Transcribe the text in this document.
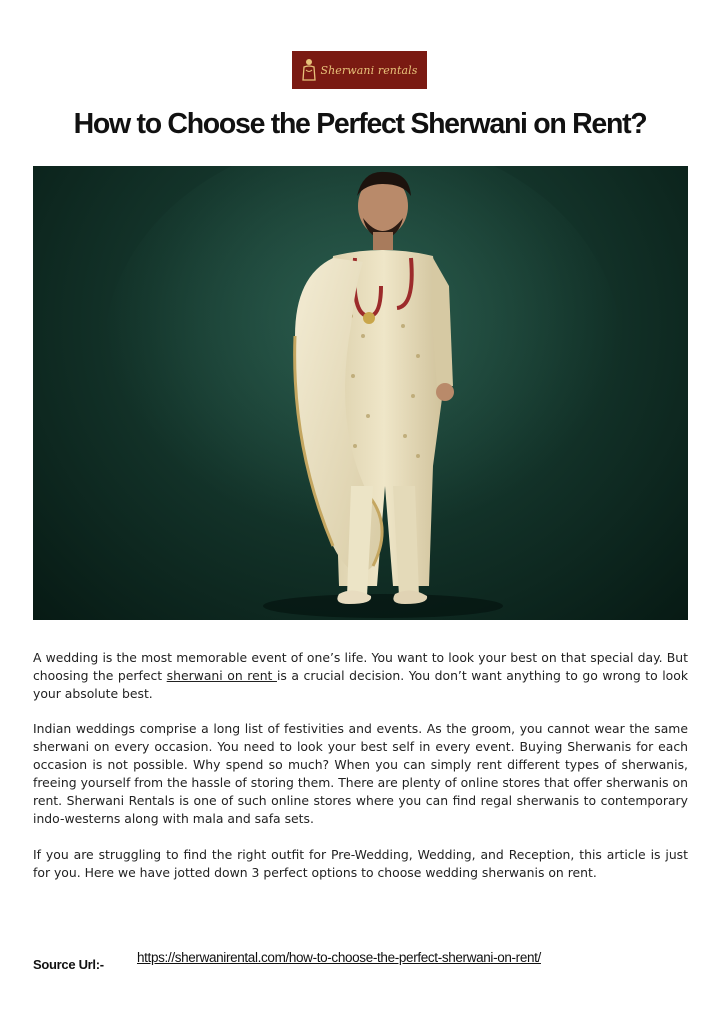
Sherwani rentals
How to Choose the Perfect Sherwani on Rent?

A wedding is the most memorable event of one’s life. You want to look your best on that special day. But choosing the perfect sherwani on rent is a crucial decision. You don’t want anything to go wrong to look your absolute best.

Indian weddings comprise a long list of festivities and events. As the groom, you cannot wear the same sherwani on every occasion. You need to look your best self in every event. Buying Sherwanis for each occasion is not possible. Why spend so much? When you can simply rent different types of sherwanis, freeing yourself from the hassle of storing them. There are plenty of online stores that offer sherwanis on rent. Sherwani Rentals is one of such online stores where you can find regal sherwanis to contemporary indo-westerns along with mala and safa sets.

If you are struggling to find the right outfit for Pre-Wedding, Wedding, and Reception, this article is just for you. Here we have jotted down 3 perfect options to choose wedding sherwanis on rent.

Source Url:- https://sherwanirental.com/how-to-choose-the-perfect-sherwani-on-rent/
